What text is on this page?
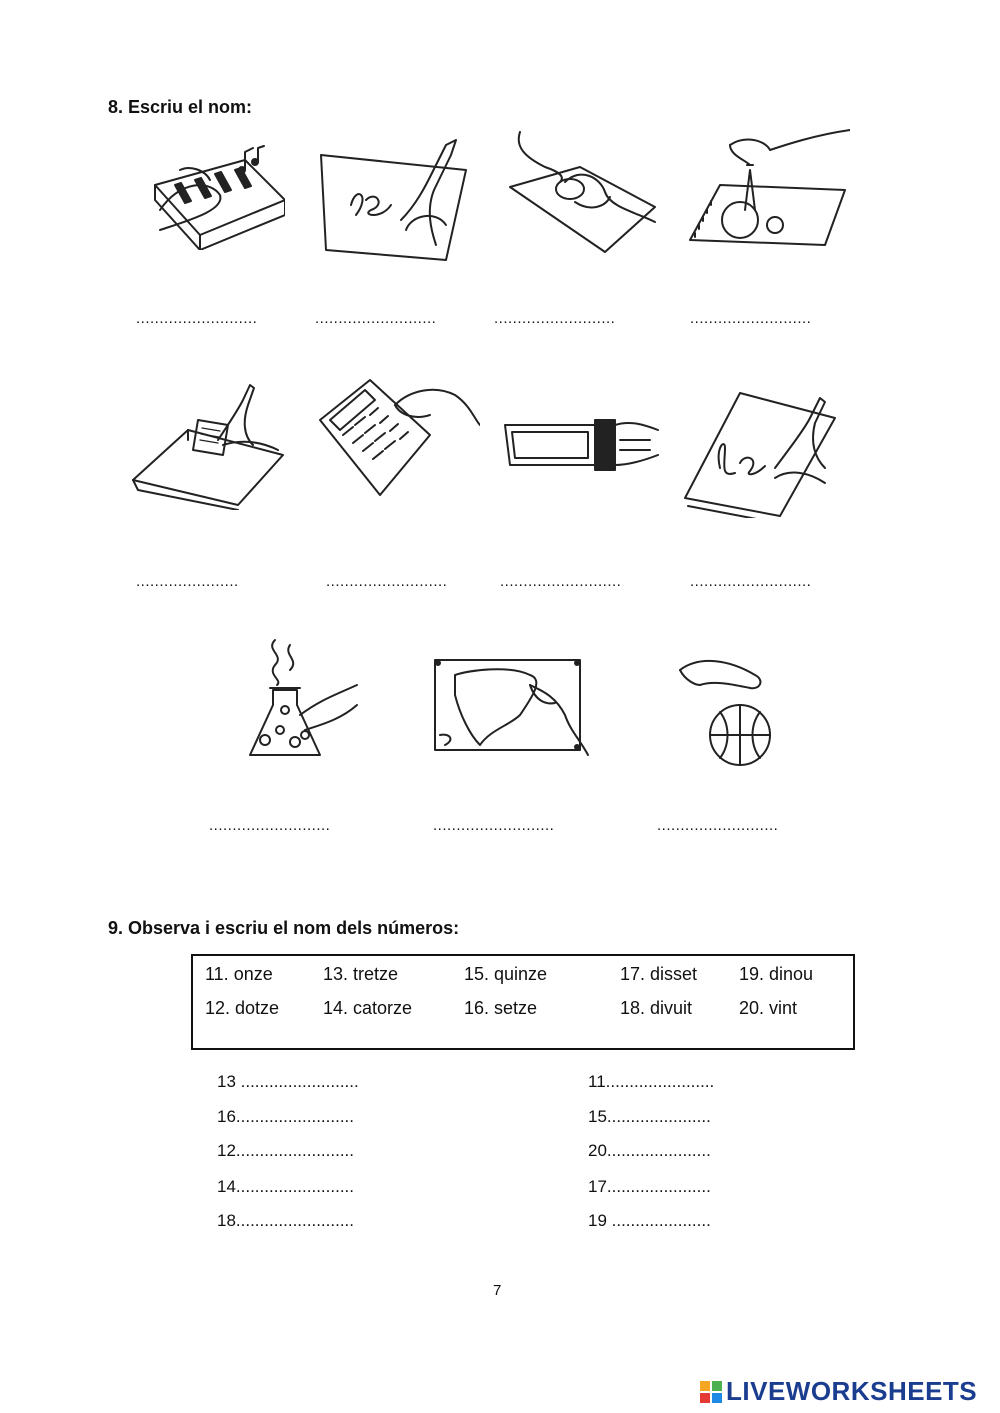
8. Escriu el nom:
..........................	..........................	..........................	..........................
......................	..........................	..........................	..........................
..........................	..........................	..........................
9. Observa i escriu el nom dels números:
11. onze	13. tretze	15. quinze	17. disset 19. dinou
12. dotze 14. catorze	16. setze	18. divuit	20. vint
13 .........................
16.........................
12.........................
14.........................
18.........................
11.......................
15......................
20......................
17......................
19 .....................
7
LIVEWORKSHEETS
